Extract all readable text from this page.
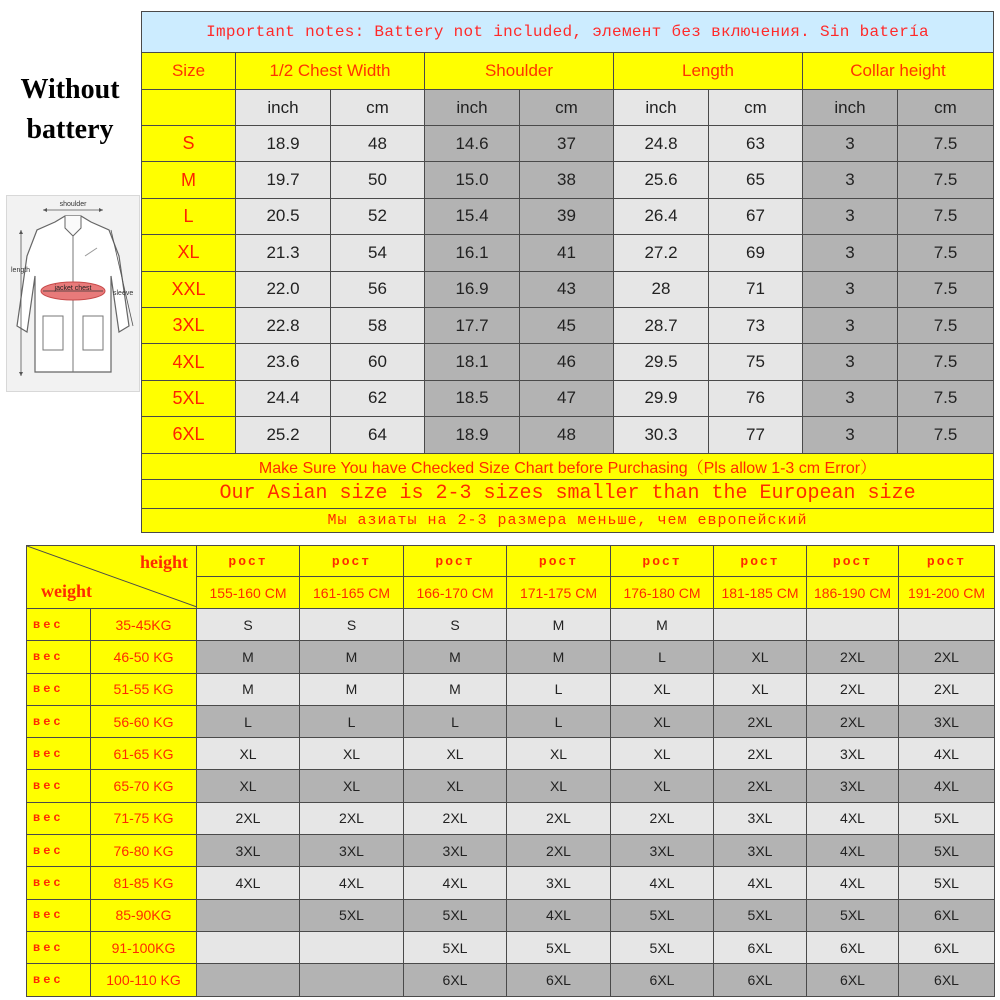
Without
battery
shoulder
length
jacket chest
sleeve
Important notes: Battery not included, элемент без включения. Sin batería								
Size	1/2 Chest Width		Shoulder		Length		Collar height	
	inch	cm	inch	cm	inch	cm	inch	cm
S	18.9	48	14.6	37	24.8	63	3	7.5
M	19.7	50	15.0	38	25.6	65	3	7.5
L	20.5	52	15.4	39	26.4	67	3	7.5
XL	21.3	54	16.1	41	27.2	69	3	7.5
XXL	22.0	56	16.9	43	28	71	3	7.5
3XL	22.8	58	17.7	45	28.7	73	3	7.5
4XL	23.6	60	18.1	46	29.5	75	3	7.5
5XL	24.4	62	18.5	47	29.9	76	3	7.5
6XL	25.2	64	18.9	48	30.3	77	3	7.5
Make Sure You have Checked Size Chart before Purchasing（Pls allow 1-3 cm Error）								
Our Asian size is 2-3 sizes smaller than the European size								
Мы азиаты на 2-3 размера меньше, чем европейский								
height
weight		рост	рост	рост	рост	рост	рост	рост	рост
		155-160 CM	161-165 CM	166-170 CM	171-175 CM	176-180 CM	181-185 CM	186-190 CM	191-200 CM
вес	35-45KG	S	S	S	M	M			
вес	46-50 KG	M	M	M	M	L	XL	2XL	2XL
вес	51-55 KG	M	M	M	L	XL	XL	2XL	2XL
вес	56-60 KG	L	L	L	L	XL	2XL	2XL	3XL
вес	61-65 KG	XL	XL	XL	XL	XL	2XL	3XL	4XL
вес	65-70 KG	XL	XL	XL	XL	XL	2XL	3XL	4XL
вес	71-75 KG	2XL	2XL	2XL	2XL	2XL	3XL	4XL	5XL
вес	76-80 KG	3XL	3XL	3XL	2XL	3XL	3XL	4XL	5XL
вес	81-85 KG	4XL	4XL	4XL	3XL	4XL	4XL	4XL	5XL
вес	85-90KG		5XL	5XL	4XL	5XL	5XL	5XL	6XL
вес	91-100KG			5XL	5XL	5XL	6XL	6XL	6XL
вес	100-110 KG			6XL	6XL	6XL	6XL	6XL	6XL
